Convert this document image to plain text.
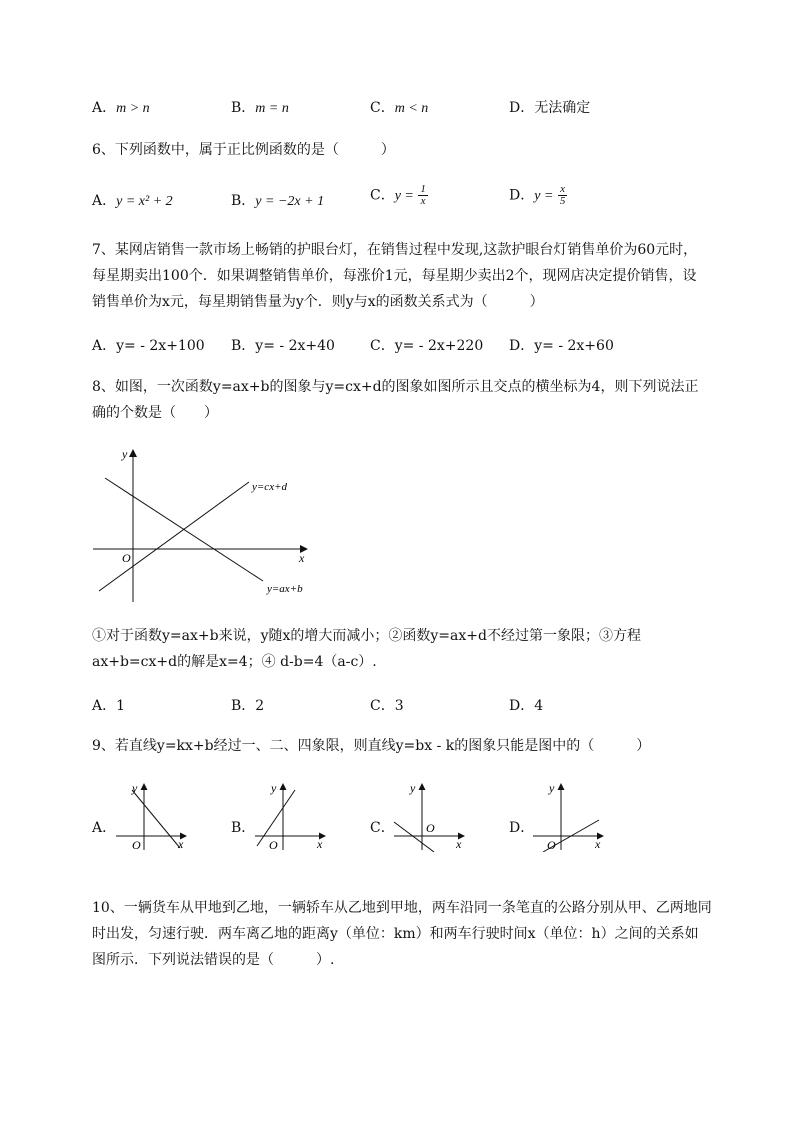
A．m > n	B．m = n	C．m < n	D．无法确定
6、下列函数中，属于正比例函数的是（　　　）
A．y = x² + 2	B．y = −2x + 1	C．$y = \frac{1}{x}$	D．$y = \frac{x}{5}$
7、某网店销售一款市场上畅销的护眼台灯，在销售过程中发现,这款护眼台灯销售单价为60元时，
每星期卖出100个．如果调整销售单价，每涨价1元，每星期少卖出2个，现网店决定提价销售，设
销售单价为x元，每星期销售量为y个．则y与x的函数关系式为（　　　）
A．y= - 2x+100 B．y= - 2x+40	C．y= - 2x+220 D．y= - 2x+60
8、如图，一次函数y=ax+b的图象与y=cx+d的图象如图所示且交点的横坐标为4，则下列说法正
确的个数是（　　）
y
x
O
y=cx+d
y=ax+b
①对于函数y=ax+b来说，y随x的增大而减小；②函数y=ax+d不经过第一象限；③方程
ax+b=cx+d的解是x=4；④ d-b=4（a-c）.
A．1	B．2	C．3	D．4
9、若直线y=kx+b经过一、二、四象限，则直线y=bx - k的图象只能是图中的（　　　）
A．
y
x
O
B．
y
x
O
C．
y
x
O	D．
y
x
O
10、一辆货车从甲地到乙地，一辆轿车从乙地到甲地，两车沿同一条笔直的公路分别从甲、乙两地同
时出发，匀速行驶．两车离乙地的距离y（单位：km）和两车行驶时间x（单位：h）之间的关系如
图所示．下列说法错误的是（　　　）.
